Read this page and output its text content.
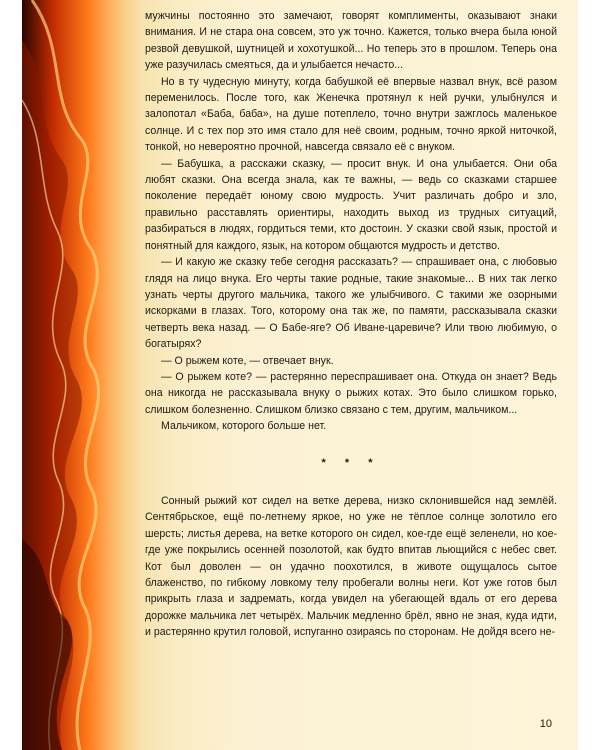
мужчины постоянно это замечают, говорят комплименты, оказывают знаки внимания. И не стара она совсем, это уж точно. Кажется, только вчера была юной резвой девушкой, шутницей и хохотушкой... Но теперь это в прошлом. Теперь она уже разучилась смеяться, да и улыбается нечасто...

Но в ту чудесную минуту, когда бабушкой её впервые назвал внук, всё разом переменилось. После того, как Женечка протянул к ней ручки, улыбнулся и залопотал «Баба, баба», на душе потеплело, точно внутри зажглось маленькое солнце. И с тех пор это имя стало для неё своим, родным, точно яркой ниточкой, тонкой, но невероятно прочной, навсегда связало её с внуком.

— Бабушка, а расскажи сказку, — просит внук. И она улыбается. Они оба любят сказки. Она всегда знала, как те важны, — ведь со сказками старшее поколение передаёт юному свою мудрость. Учит различать добро и зло, правильно расставлять ориентиры, находить выход из трудных ситуаций, разбираться в людях, гордиться теми, кто достоин. У сказки свой язык, простой и понятный для каждого, язык, на котором общаются мудрость и детство.

— И какую же сказку тебе сегодня рассказать? — спрашивает она, с любовью глядя на лицо внука. Его черты такие родные, такие знакомые... В них так легко узнать черты другого мальчика, такого же улыбчивого. С такими же озорными искорками в глазах. Того, которому она так же, по памяти, рассказывала сказки четверть века назад. — О Бабе-яге? Об Иване-царевиче? Или твою любимую, о богатырях?

— О рыжем коте, — отвечает внук.

— О рыжем коте? — растерянно переспрашивает она. Откуда он знает? Ведь она никогда не рассказывала внуку о рыжих котах. Это было слишком горько, слишком болезненно. Слишком близко связано с тем, другим, мальчиком...

Мальчиком, которого больше нет.

* * *

Сонный рыжий кот сидел на ветке дерева, низко склонившейся над землёй. Сентябрьское, ещё по-летнему яркое, но уже не тёплое солнце золотило его шерсть; листья дерева, на ветке которого он сидел, кое-где ещё зеленели, но кое-где уже покрылись осенней позолотой, как будто впитав льющийся с небес свет. Кот был доволен — он удачно поохотился, в животе ощущалось сытое блаженство, по гибкому ловкому телу пробегали волны неги. Кот уже готов был прикрыть глаза и задремать, когда увидел на убегающей вдаль от его дерева дорожке мальчика лет четырёх. Мальчик медленно брёл, явно не зная, куда идти, и растерянно крутил головой, испуганно озираясь по сторонам. Не дойдя всего не-

10
